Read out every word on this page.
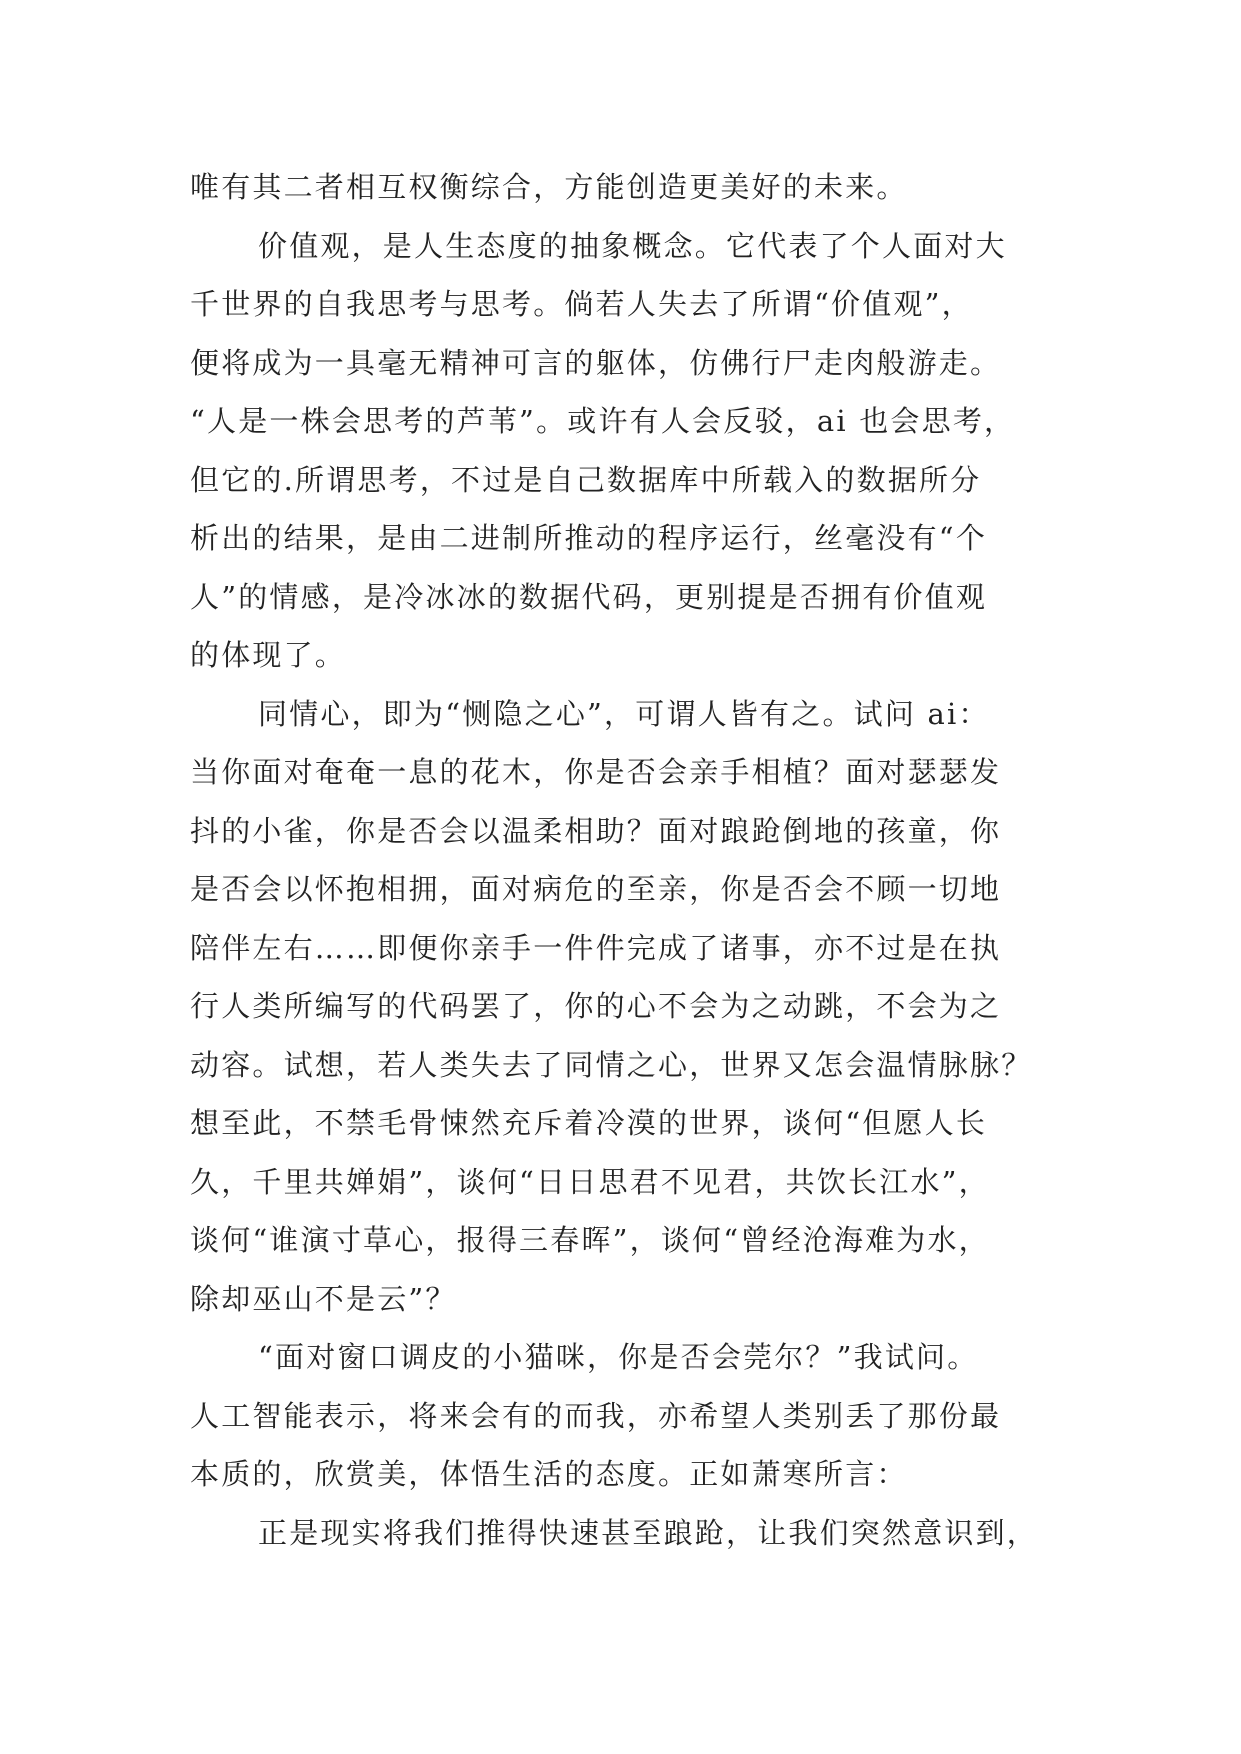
唯有其二者相互权衡综合，方能创造更美好的未来。
价值观，是人生态度的抽象概念。它代表了个人面对大
千世界的自我思考与思考。倘若人失去了所谓“价值观”，
便将成为一具毫无精神可言的躯体，仿佛行尸走肉般游走。
“人是一株会思考的芦苇”。或许有人会反驳，ai 也会思考，
但它的.所谓思考，不过是自己数据库中所载入的数据所分
析出的结果，是由二进制所推动的程序运行，丝毫没有“个
人”的情感，是冷冰冰的数据代码，更别提是否拥有价值观
的体现了。
同情心，即为“恻隐之心”，可谓人皆有之。试问 ai：
当你面对奄奄一息的花木，你是否会亲手相植？面对瑟瑟发
抖的小雀，你是否会以温柔相助？面对踉跄倒地的孩童，你
是否会以怀抱相拥，面对病危的至亲，你是否会不顾一切地
陪伴左右……即便你亲手一件件完成了诸事，亦不过是在执
行人类所编写的代码罢了，你的心不会为之动跳，不会为之
动容。试想，若人类失去了同情之心，世界又怎会温情脉脉？
想至此，不禁毛骨悚然充斥着冷漠的世界，谈何“但愿人长
久，千里共婵娟”，谈何“日日思君不见君，共饮长江水”，
谈何“谁演寸草心，报得三春晖”，谈何“曾经沧海难为水，
除却巫山不是云”？
“面对窗口调皮的小猫咪，你是否会莞尔？”我试问。
人工智能表示，将来会有的而我，亦希望人类别丢了那份最
本质的，欣赏美，体悟生活的态度。正如萧寒所言：
正是现实将我们推得快速甚至踉跄，让我们突然意识到，
